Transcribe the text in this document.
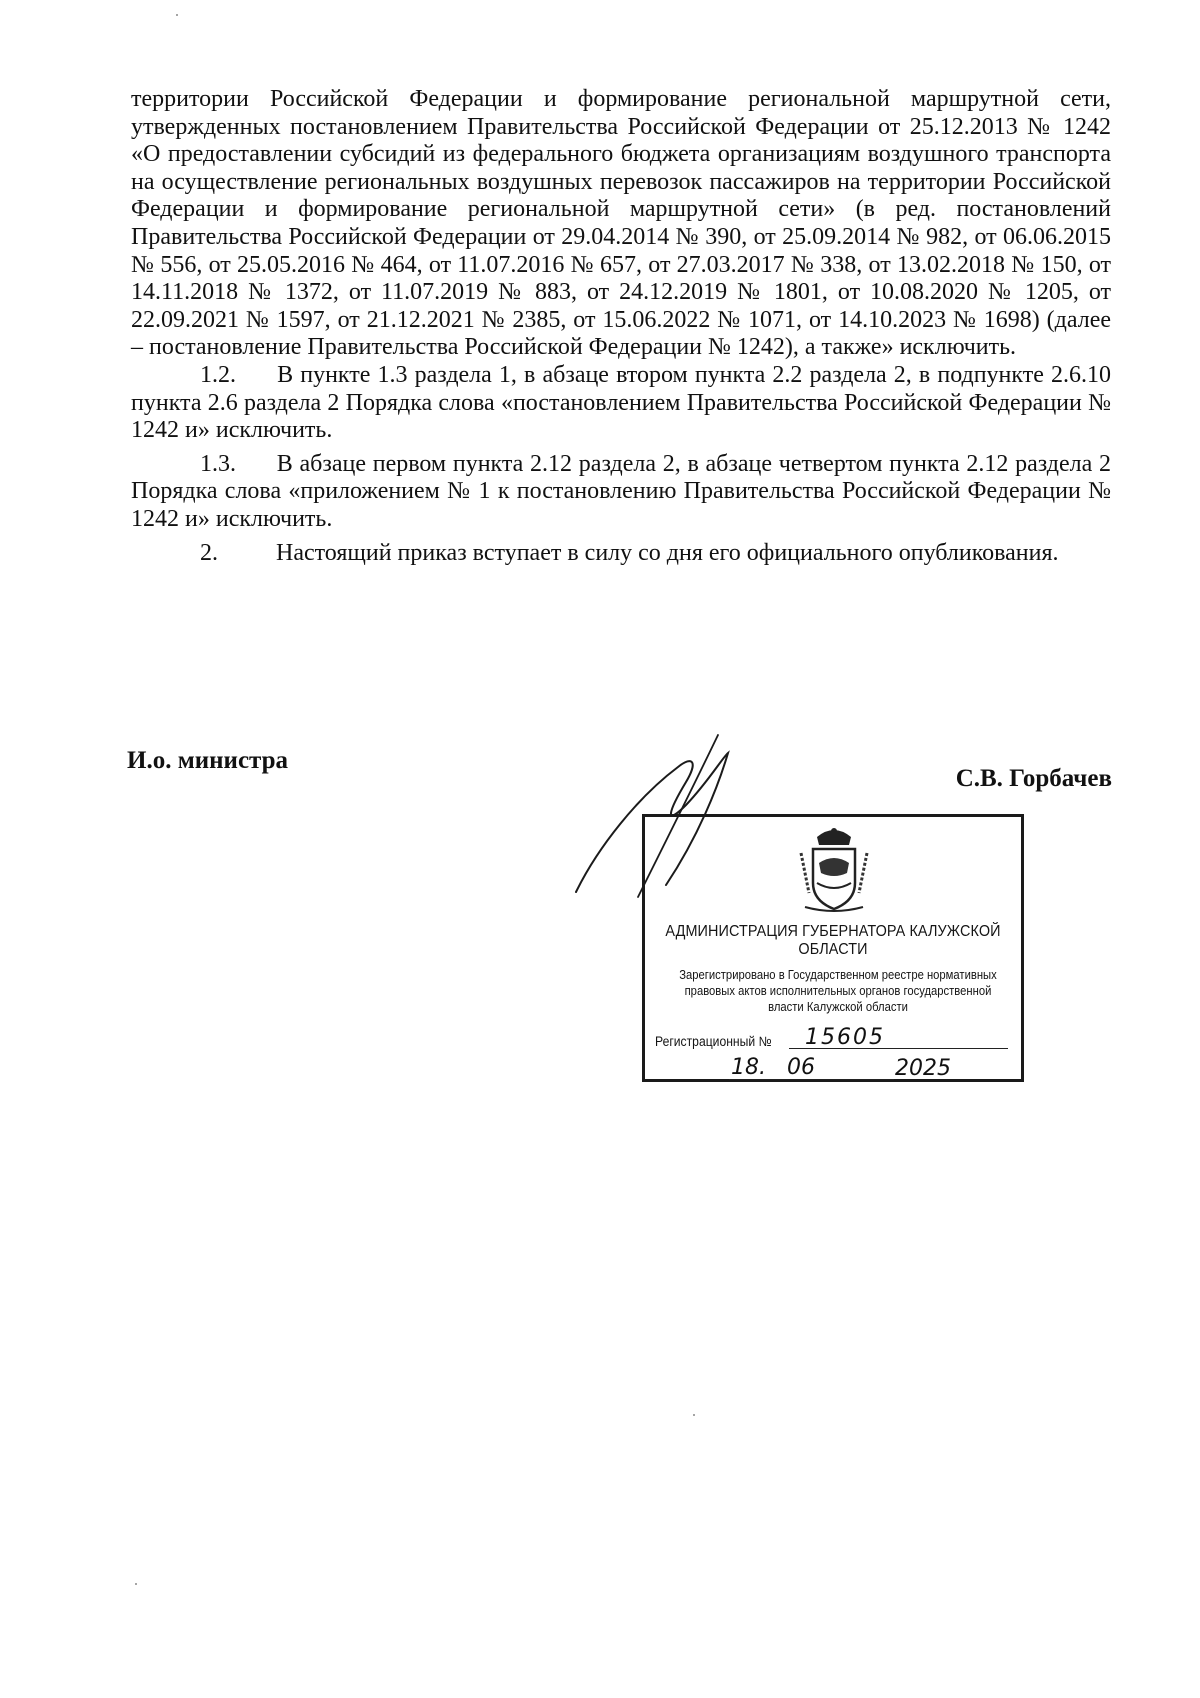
территории Российской Федерации и формирование региональной маршрутной сети, утвержденных постановлением Правительства Российской Федерации от 25.12.2013 № 1242 «О предоставлении субсидий из федерального бюджета организациям воздушного транспорта на осуществление региональных воздушных перевозок пассажиров на территории Российской Федерации и формирование региональной маршрутной сети» (в ред. постановлений Правительства Российской Федерации от 29.04.2014 № 390, от 25.09.2014 № 982, от 06.06.2015 № 556, от 25.05.2016 № 464, от 11.07.2016 № 657, от 27.03.2017 № 338, от 13.02.2018 № 150, от 14.11.2018 № 1372, от 11.07.2019 № 883, от 24.12.2019 № 1801, от 10.08.2020 № 1205, от 22.09.2021 № 1597, от 21.12.2021 № 2385, от 15.06.2022 № 1071, от 14.10.2023 № 1698) (далее – постановление Правительства Российской Федерации № 1242), а также» исключить.

1.2. В пункте 1.3 раздела 1, в абзаце втором пункта 2.2 раздела 2, в подпункте 2.6.10 пункта 2.6 раздела 2 Порядка слова «постановлением Правительства Российской Федерации № 1242 и» исключить.

1.3. В абзаце первом пункта 2.12 раздела 2, в абзаце четвертом пункта 2.12 раздела 2 Порядка слова «приложением № 1 к постановлению Правительства Российской Федерации № 1242 и» исключить.

2. Настоящий приказ вступает в силу со дня его официального опубликования.

И.о. министра
С.В. Горбачев
АДМИНИСТРАЦИЯ ГУБЕРНАТОРА КАЛУЖСКОЙ ОБЛАСТИ
Зарегистрировано в Государственном реестре нормативных правовых актов исполнительных органов государственной власти Калужской области
Регистрационный № 15605
18. 06	2025
